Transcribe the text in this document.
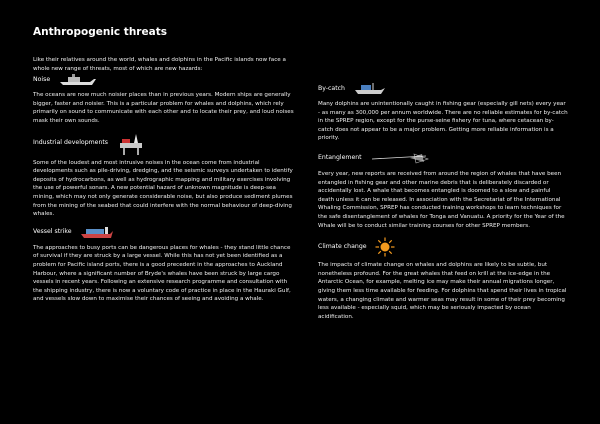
Anthropogenic threats

Like their relatives around the world, whales and dolphins in the Pacific islands now face a whole new range of threats, most of which are new hazards:

Noise

The oceans are now much noisier places than in previous years. Modern ships are generally bigger, faster and noisier. This is a particular problem for whales and dolphins, which rely primarily on sound to communicate with each other and to locate their prey, and loud noises mask their own sounds.

Industrial developments

Some of the loudest and most intrusive noises in the ocean come from industrial developments such as pile-driving, dredging, and the seismic surveys undertaken to identify deposits of hydrocarbons, as well as hydrographic mapping and military exercises involving the use of powerful sonars. A new potential hazard of unknown magnitude is deep-sea mining, which may not only generate considerable noise, but also produce sediment plumes from the mining of the seabed that could interfere with the normal behaviour of deep-diving whales.

Vessel strike

The approaches to busy ports can be dangerous places for whales - they stand little chance of survival if they are struck by a large vessel. While this has not yet been identified as a problem for Pacific island ports, there is a good precedent in the approaches to Auckland Harbour, where a significant number of Bryde's whales have been struck by large cargo vessels in recent years. Following an extensive research programme and consultation with the shipping industry, there is now a voluntary code of practice in place in the Hauraki Gulf, and vessels slow down to maximise their chances of seeing and avoiding a whale.

By-catch

Many dolphins are unintentionally caught in fishing gear (especially gill nets) every year - as many as 300,000 per annum worldwide. There are no reliable estimates for by-catch in the SPREP region, except for the purse-seine fishery for tuna, where cetacean by-catch does not appear to be a major problem. Getting more reliable information is a priority.

Entanglement

Every year, new reports are received from around the region of whales that have been entangled in fishing gear and other marine debris that is deliberately discarded or accidentally lost. A whale that becomes entangled is doomed to a slow and painful death unless it can be released. In association with the Secretariat of the International Whaling Commission, SPREP has conducted training workshops to learn techniques for the safe disentanglement of whales for Tonga and Vanuatu. A priority for the Year of the Whale will be to conduct similar training courses for other SPREP members.

Climate change

The impacts of climate change on whales and dolphins are likely to be subtle, but nonetheless profound. For the great whales that feed on krill at the ice-edge in the Antarctic Ocean, for example, melting ice may make their annual migrations longer, giving them less time available for feeding. For dolphins that spend their lives in tropical waters, a changing climate and warmer seas may result in some of their prey becoming less available - especially squid, which may be seriously impacted by ocean acidification.
